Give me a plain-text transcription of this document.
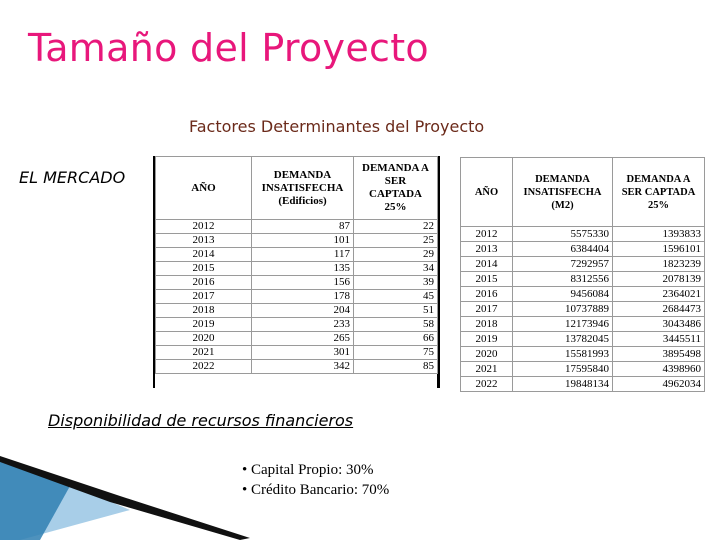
Tamaño del Proyecto
Factores Determinantes del Proyecto
EL MERCADO
AÑO	DEMANDA INSATISFECHA (Edificios)	DEMANDA A SER CAPTADA 25%
2012	87	22
2013	101	25
2014	117	29
2015	135	34
2016	156	39
2017	178	45
2018	204	51
2019	233	58
2020	265	66
2021	301	75
2022	342	85
AÑO	DEMANDA INSATISFECHA (M2)	DEMANDA A SER CAPTADA 25%
2012	5575330	1393833
2013	6384404	1596101
2014	7292957	1823239
2015	8312556	2078139
2016	9456084	2364021
2017	10737889	2684473
2018	12173946	3043486
2019	13782045	3445511
2020	15581993	3895498
2021	17595840	4398960
2022	19848134	4962034
Disponibilidad de recursos financieros
• Capital Propio: 30%
• Crédito Bancario: 70%
